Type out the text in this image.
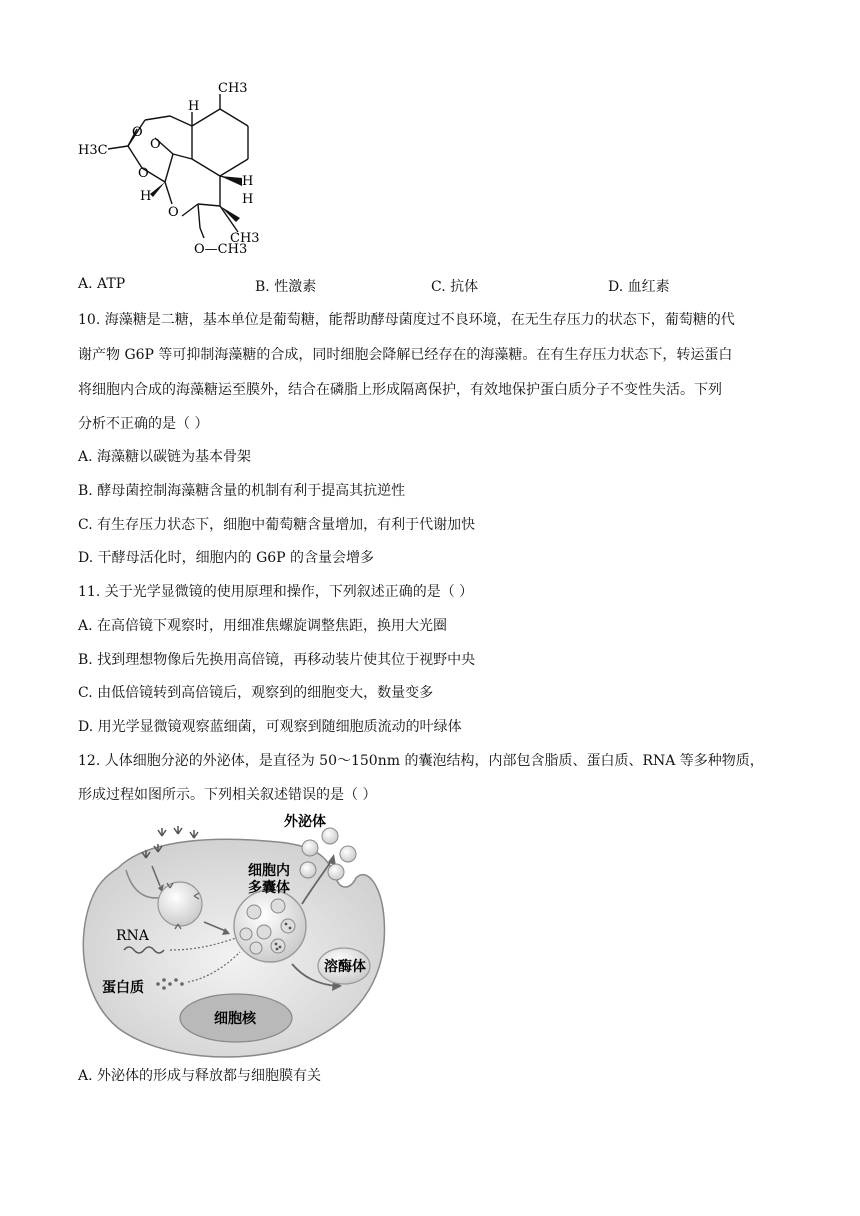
CH3
H
H3C
O
O
O
H
O
H
H
CH3
O—CH3
A. ATP	B. 性激素	C. 抗体	D. 血红素
10. 海藻糖是二糖，基本单位是葡萄糖，能帮助酵母菌度过不良环境，在无生存压力的状态下，葡萄糖的代
谢产物 G6P 等可抑制海藻糖的合成，同时细胞会降解已经存在的海藻糖。在有生存压力状态下，转运蛋白
将细胞内合成的海藻糖运至膜外，结合在磷脂上形成隔离保护，有效地保护蛋白质分子不变性失活。下列
分析不正确的是（ ）
A. 海藻糖以碳链为基本骨架
B. 酵母菌控制海藻糖含量的机制有利于提高其抗逆性
C. 有生存压力状态下，细胞中葡萄糖含量增加，有利于代谢加快
D. 干酵母活化时，细胞内的 G6P 的含量会增多
11. 关于光学显微镜的使用原理和操作，下列叙述正确的是（ ）
A. 在高倍镜下观察时，用细准焦螺旋调整焦距，换用大光圈
B. 找到理想物像后先换用高倍镜，再移动装片使其位于视野中央
C. 由低倍镜转到高倍镜后，观察到的细胞变大，数量变多
D. 用光学显微镜观察蓝细菌，可观察到随细胞质流动的叶绿体
12. 人体细胞分泌的外泌体，是直径为 50～150nm 的囊泡结构，内部包含脂质、蛋白质、RNA 等多种物质，
形成过程如图所示。下列相关叙述错误的是（ ）
外泌体
细胞内
多囊体
RNA
蛋白质
溶酶体
细胞核
A. 外泌体的形成与释放都与细胞膜有关
